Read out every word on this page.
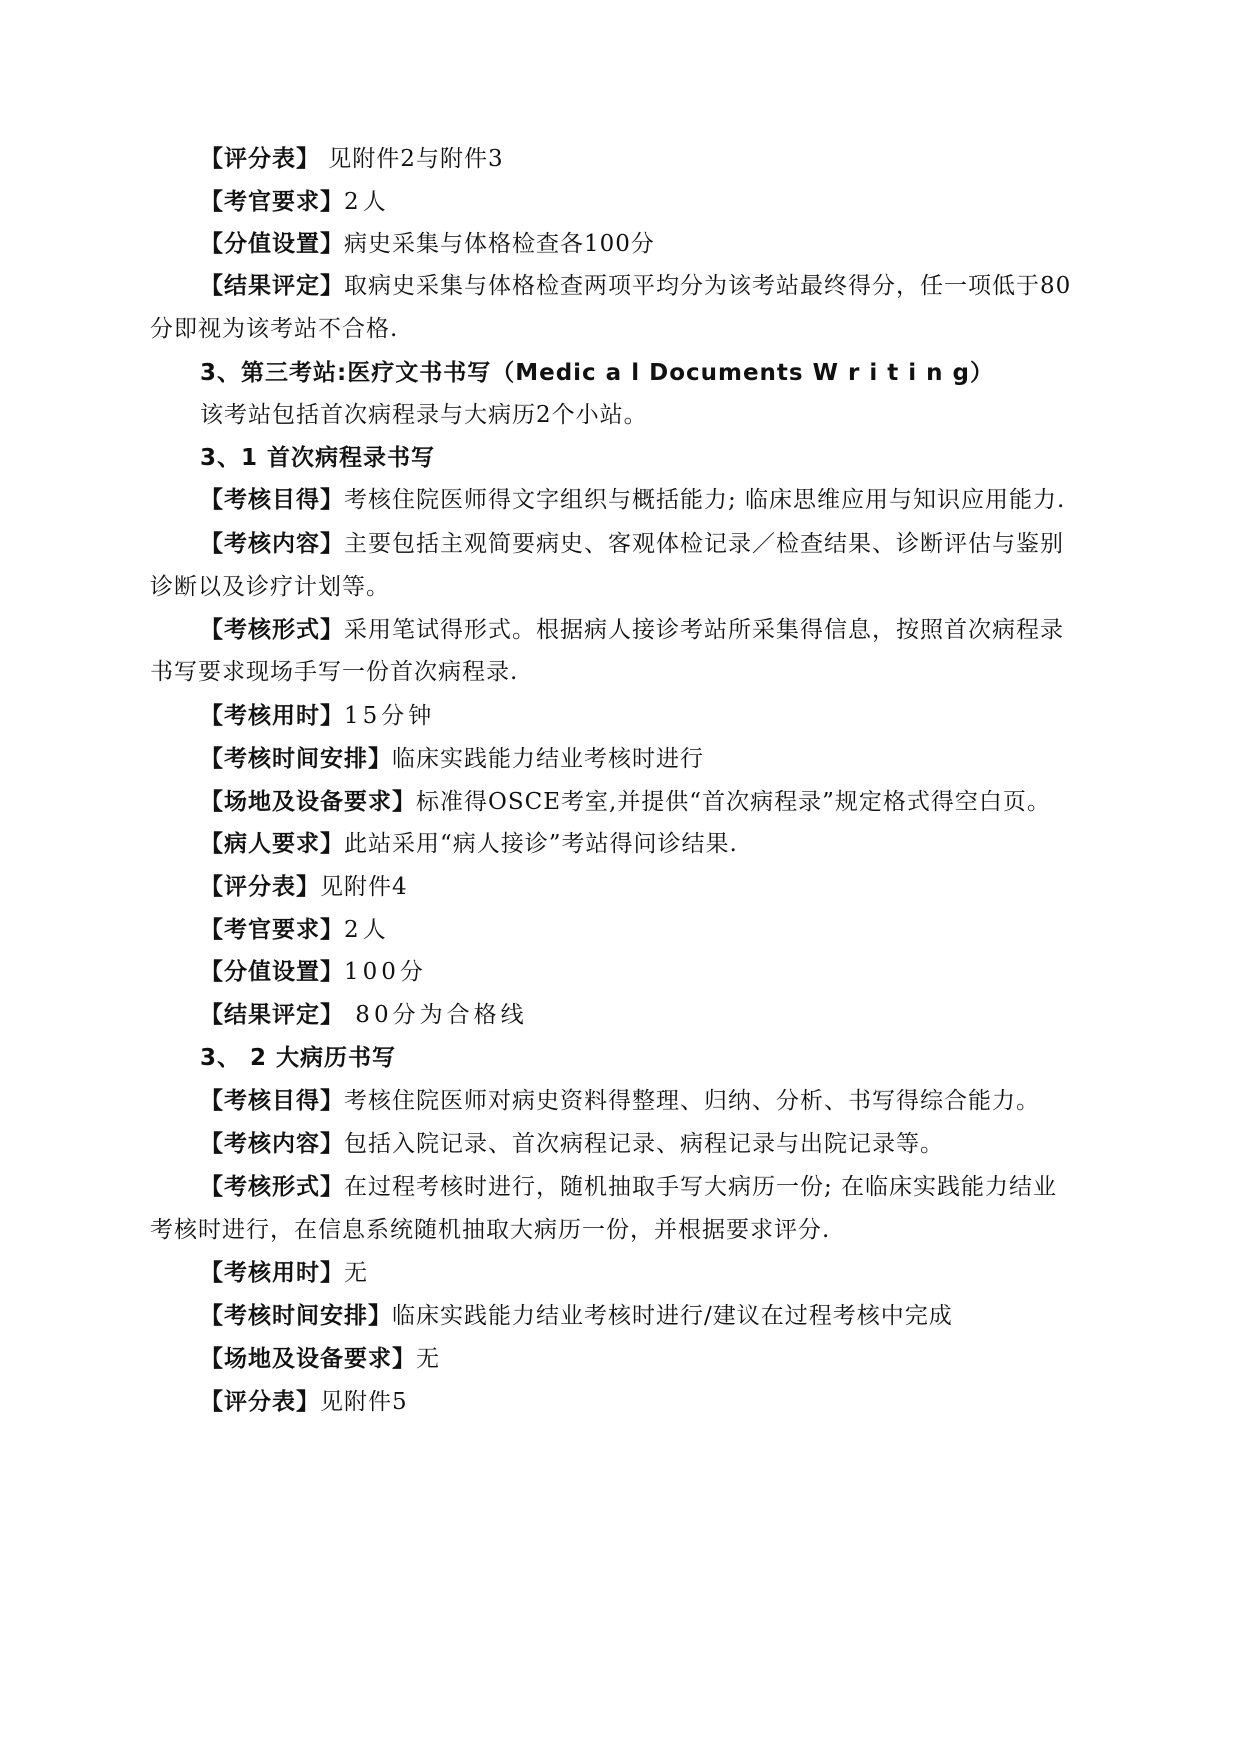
【评分表】 见附件2与附件3
【考官要求】2人
【分值设置】病史采集与体格检查各100分
【结果评定】取病史采集与体格检查两项平均分为该考站最终得分，任一项低于80
分即视为该考站不合格.
3、第三考站:医疗文书书写（Medic a l Documents W r i t i n g）
该考站包括首次病程录与大病历2个小站。
3、1 首次病程录书写
【考核目得】考核住院医师得文字组织与概括能力; 临床思维应用与知识应用能力.
【考核内容】主要包括主观简要病史、客观体检记录／检查结果、诊断评估与鉴别
诊断以及诊疗计划等。
【考核形式】采用笔试得形式。根据病人接诊考站所采集得信息，按照首次病程录
书写要求现场手写一份首次病程录.
【考核用时】15分钟
【考核时间安排】临床实践能力结业考核时进行
【场地及设备要求】标准得OSCE考室,并提供“首次病程录”规定格式得空白页。
【病人要求】此站采用“病人接诊”考站得问诊结果.
【评分表】见附件4
【考官要求】2人
【分值设置】100分
【结果评定】 80分为合格线
3、 2 大病历书写
【考核目得】考核住院医师对病史资料得整理、归纳、分析、书写得综合能力。
【考核内容】包括入院记录、首次病程记录、病程记录与出院记录等。
【考核形式】在过程考核时进行，随机抽取手写大病历一份; 在临床实践能力结业
考核时进行，在信息系统随机抽取大病历一份，并根据要求评分.
【考核用时】无
【考核时间安排】临床实践能力结业考核时进行/建议在过程考核中完成
【场地及设备要求】无
【评分表】见附件5
